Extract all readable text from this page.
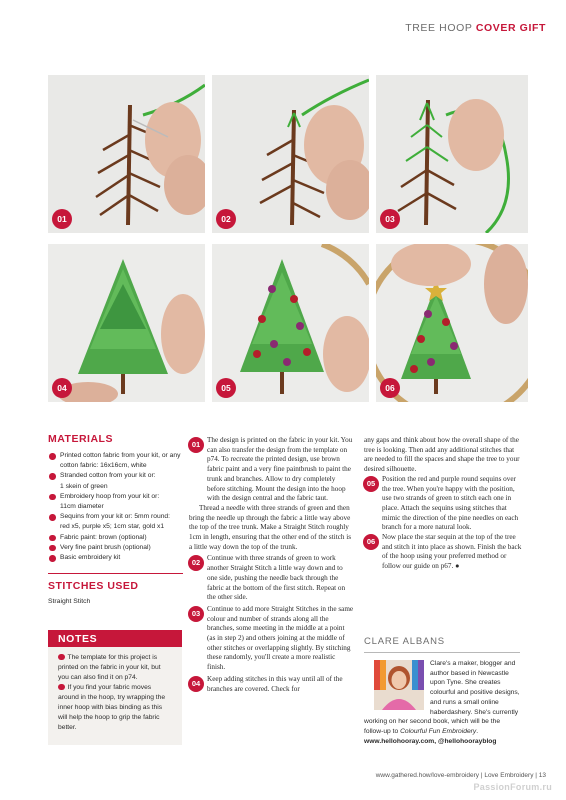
TREE HOOP COVER GIFT
01	02	03
04	05	06
MATERIALS
Printed cotton fabric from your kit, or any cotton fabric: 16x16cm, white
Stranded cotton from your kit or:
1 skein of green
Embroidery hoop from your kit or:
11cm diameter
Sequins from your kit or: 5mm round:
red x5, purple x5; 1cm star, gold x1
Fabric paint: brown (optional)
Very fine paint brush (optional)
Basic embroidery kit
STITCHES USED
Straight Stitch
NOTES

The template for this project is printed on the fabric in your kit, but you can also find it on p74.

If you find your fabric moves around in the hoop, try wrapping the inner hoop with bias binding as this will help the hoop to grip the fabric better.

01 The design is printed on the fabric in your kit. You can also transfer the design from the template on p74. To recreate the printed design, use brown fabric paint and a very fine paintbrush to paint the trunk and branches. Allow to dry completely before stitching. Mount the design into the hoop with the design central and the fabric taut.

Thread a needle with three strands of green and then bring the needle up through the fabric a little way above the top of the tree trunk. Make a Straight Stitch roughly 1cm in length, ensuring that the other end of the stitch is a little way down the top of the trunk.

02 Continue with three strands of green to work another Straight Stitch a little way down and to one side, pushing the needle back through the fabric at the bottom of the first stitch. Repeat on the other side.

03 Continue to add more Straight Stitches in the same colour and number of strands along all the branches, some meeting in the middle at a point (as in step 2) and others joining at the middle of other stitches or overlapping slightly. By stitching these randomly, you'll create a more realistic finish.

04 Keep adding stitches in this way until all of the branches are covered. Check for

any gaps and think about how the overall shape of the tree is looking. Then add any additional stitches that are needed to fill the spaces and shape the tree to your desired silhouette.

05 Position the red and purple round sequins over the tree. When you're happy with the position, use two strands of green to stitch each one in place. Attach the sequins using stitches that mimic the direction of the pine needles on each branch for a more natural look.

06 Now place the star sequin at the top of the tree and stitch it into place as shown. Finish the back of the hoop using your preferred method or follow our guide on p67. ●

CLARE ALBANS
Clare's a maker, blogger and author based in Newcastle upon Tyne. She creates colourful and positive designs, and runs a small online haberdashery. She's currently working on her second book, which will be the follow-up to Colourful Fun Embroidery.
www.hellohooray.com, @hellohoorayblog
www.gathered.how/love-embroidery | Love Embroidery | 13
PassionForum.ru
